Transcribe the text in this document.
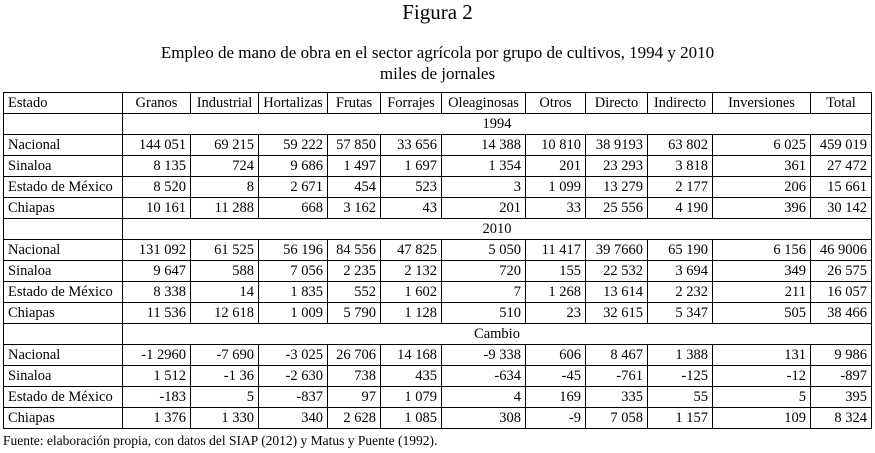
Figura 2
Empleo de mano de obra en el sector agrícola por grupo de cultivos, 1994 y 2010
miles de jornales
Estado	Granos	Industrial	Hortalizas	Frutas	Forrajes	Oleaginosas	Otros	Directo	Indirecto	Inversiones	Total
	1994										
Nacional	144 051	69 215	59 222	57 850	33 656	14 388	10 810	38 9193	63 802	6 025	459 019
Sinaloa	8 135	724	9 686	1 497	1 697	1 354	201	23 293	3 818	361	27 472
Estado de México	8 520	8	2 671	454	523	3	1 099	13 279	2 177	206	15 661
Chiapas	10 161	11 288	668	3 162	43	201	33	25 556	4 190	396	30 142
	2010										
Nacional	131 092	61 525	56 196	84 556	47 825	5 050	11 417	39 7660	65 190	6 156	46 9006
Sinaloa	9 647	588	7 056	2 235	2 132	720	155	22 532	3 694	349	26 575
Estado de México	8 338	14	1 835	552	1 602	7	1 268	13 614	2 232	211	16 057
Chiapas	11 536	12 618	1 009	5 790	1 128	510	23	32 615	5 347	505	38 466
	Cambio										
Nacional	-1 2960	-7 690	-3 025	26 706	14 168	-9 338	606	8 467	1 388	131	9 986
Sinaloa	1 512	-1 36	-2 630	738	435	-634	-45	-761	-125	-12	-897
Estado de México	-183	5	-837	97	1 079	4	169	335	55	5	395
Chiapas	1 376	1 330	340	2 628	1 085	308	-9	7 058	1 157	109	8 324
Fuente: elaboración propia, con datos del SIAP (2012) y Matus y Puente (1992).
